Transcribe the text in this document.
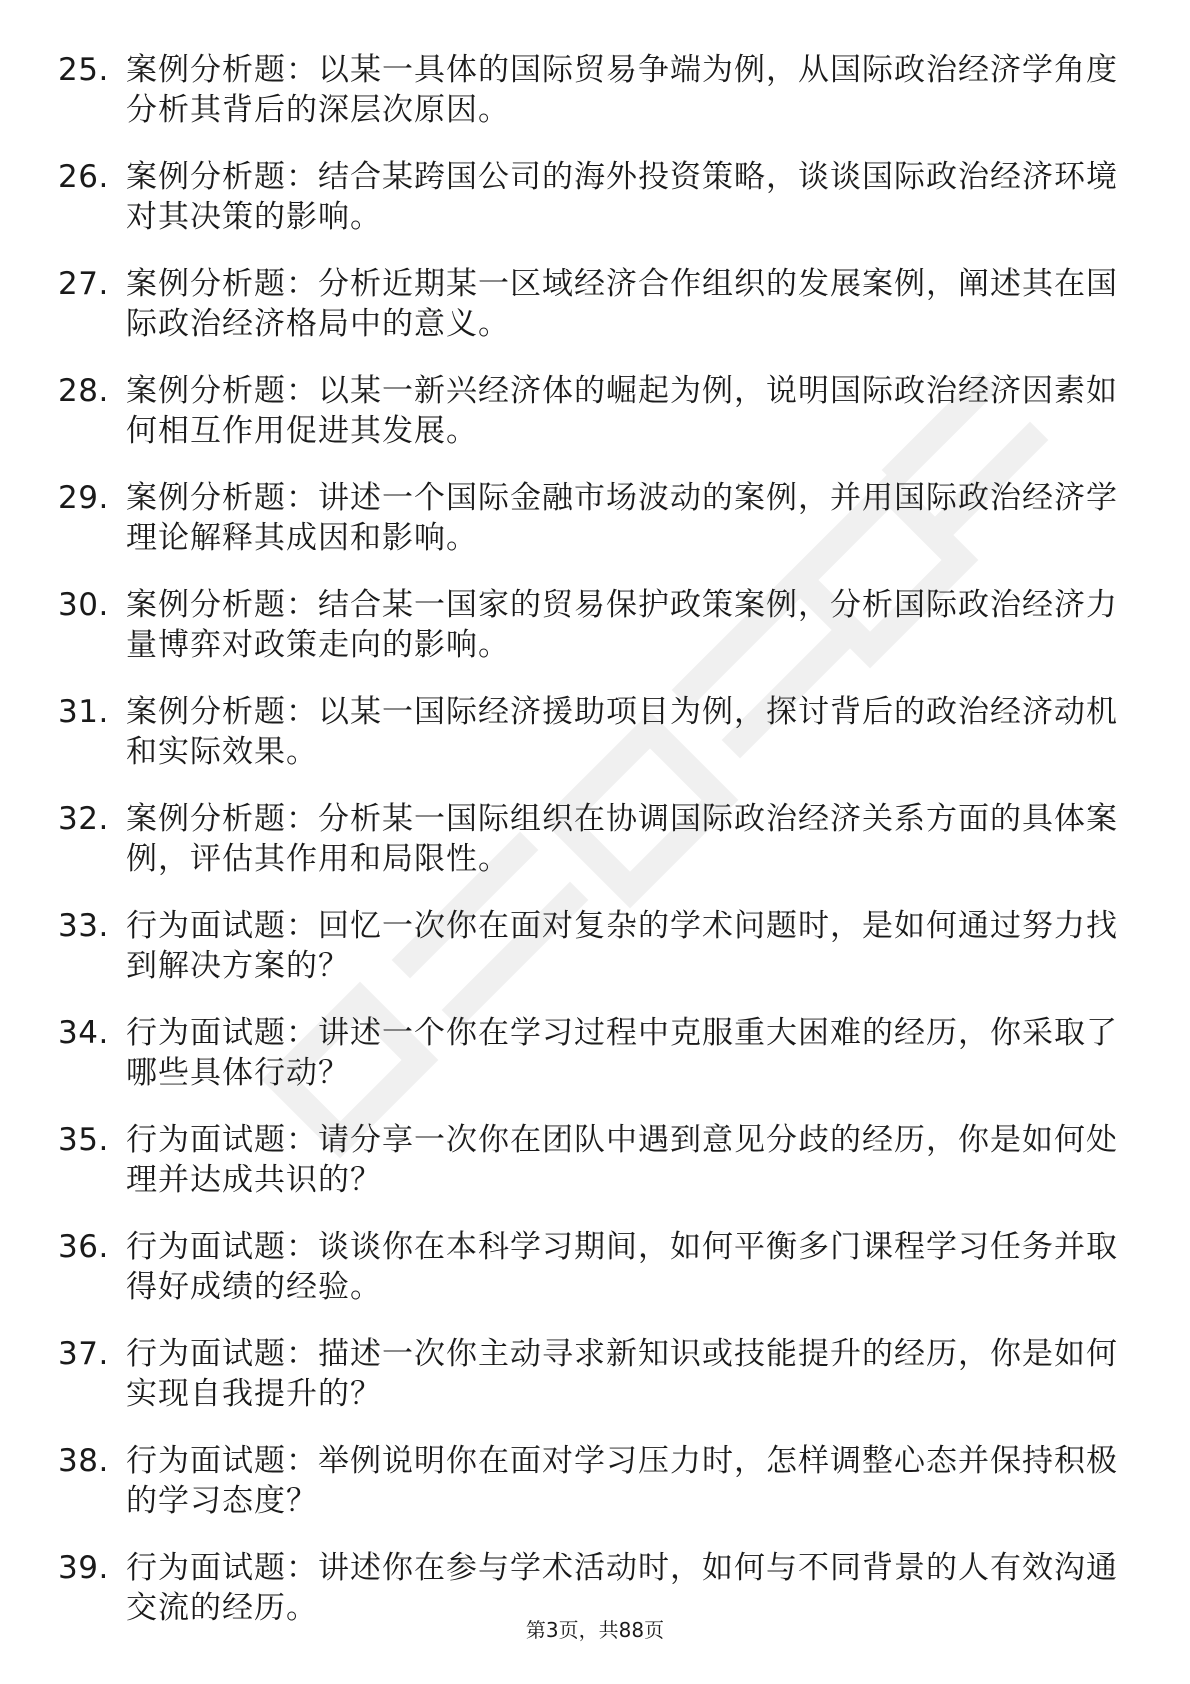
25. 案例分析题：以某一具体的国际贸易争端为例，从国际政治经济学角度分析其背后的深层次原因。
26. 案例分析题：结合某跨国公司的海外投资策略，谈谈国际政治经济环境对其决策的影响。
27. 案例分析题：分析近期某一区域经济合作组织的发展案例，阐述其在国际政治经济格局中的意义。
28. 案例分析题：以某一新兴经济体的崛起为例，说明国际政治经济因素如何相互作用促进其发展。
29. 案例分析题：讲述一个国际金融市场波动的案例，并用国际政治经济学理论解释其成因和影响。
30. 案例分析题：结合某一国家的贸易保护政策案例，分析国际政治经济力量博弈对政策走向的影响。
31. 案例分析题：以某一国际经济援助项目为例，探讨背后的政治经济动机和实际效果。
32. 案例分析题：分析某一国际组织在协调国际政治经济关系方面的具体案例，评估其作用和局限性。
33. 行为面试题：回忆一次你在面对复杂的学术问题时，是如何通过努力找到解决方案的？
34. 行为面试题：讲述一个你在学习过程中克服重大困难的经历，你采取了哪些具体行动？
35. 行为面试题：请分享一次你在团队中遇到意见分歧的经历，你是如何处理并达成共识的？
36. 行为面试题：谈谈你在本科学习期间，如何平衡多门课程学习任务并取得好成绩的经验。
37. 行为面试题：描述一次你主动寻求新知识或技能提升的经历，你是如何实现自我提升的？
38. 行为面试题：举例说明你在面对学习压力时，怎样调整心态并保持积极的学习态度？
39. 行为面试题：讲述你在参与学术活动时，如何与不同背景的人有效沟通交流的经历。
第3页，共88页
